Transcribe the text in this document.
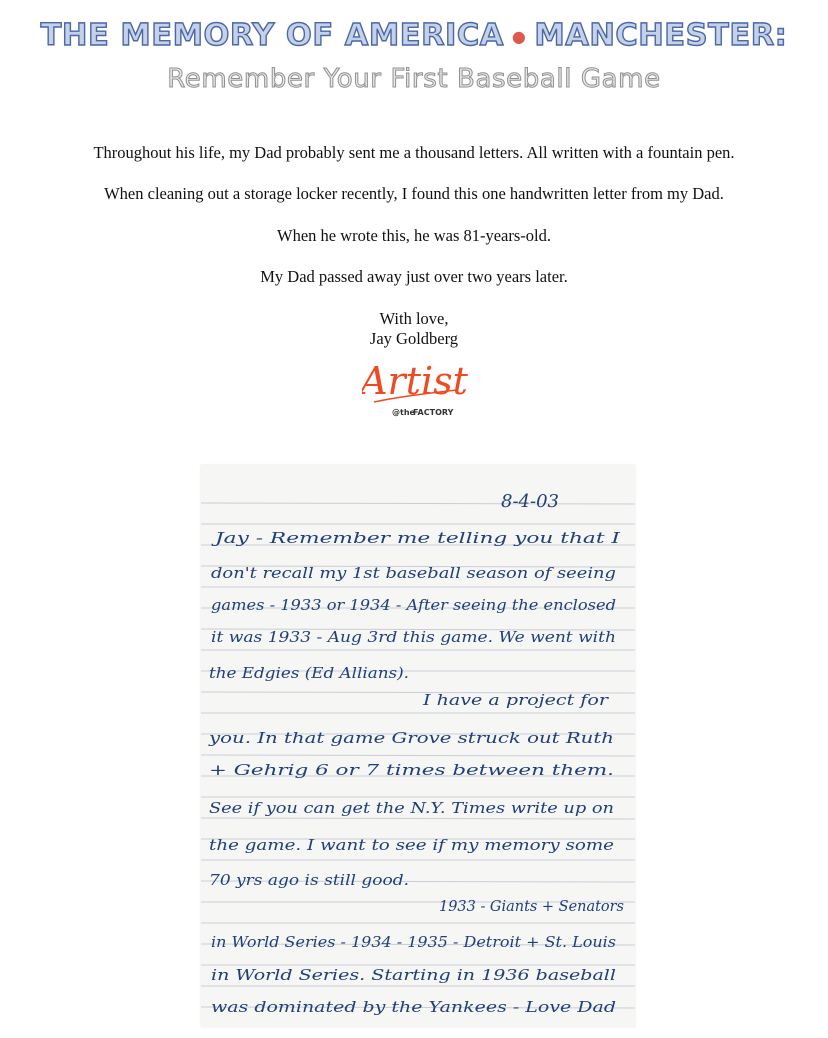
THE MEMORY OF AMERICA ● MANCHESTER:
Remember Your First Baseball Game
Throughout his life, my Dad probably sent me a thousand letters. All written with a fountain pen.
When cleaning out a storage locker recently, I found this one handwritten letter from my Dad.
When he wrote this, he was 81-years-old.
My Dad passed away just over two years later.
With love,
Jay Goldberg
Artist
@the
FACTORY
8-4-03
Jay - Remember me telling you that I
don't recall my 1st baseball season of seeing
games - 1933 or 1934 - After seeing the enclosed
it was 1933 - Aug 3rd this game. We went with
the Edgies (Ed Allians).
I have a project for
you. In that game Grove struck out Ruth
+ Gehrig 6 or 7 times between them.
See if you can get the N.Y. Times write up on
the game. I want to see if my memory some
70 yrs ago is still good.
1933 - Giants + Senators
in World Series - 1934 - 1935 - Detroit + St. Louis
in World Series. Starting in 1936 baseball
was dominated by the Yankees - Love Dad
